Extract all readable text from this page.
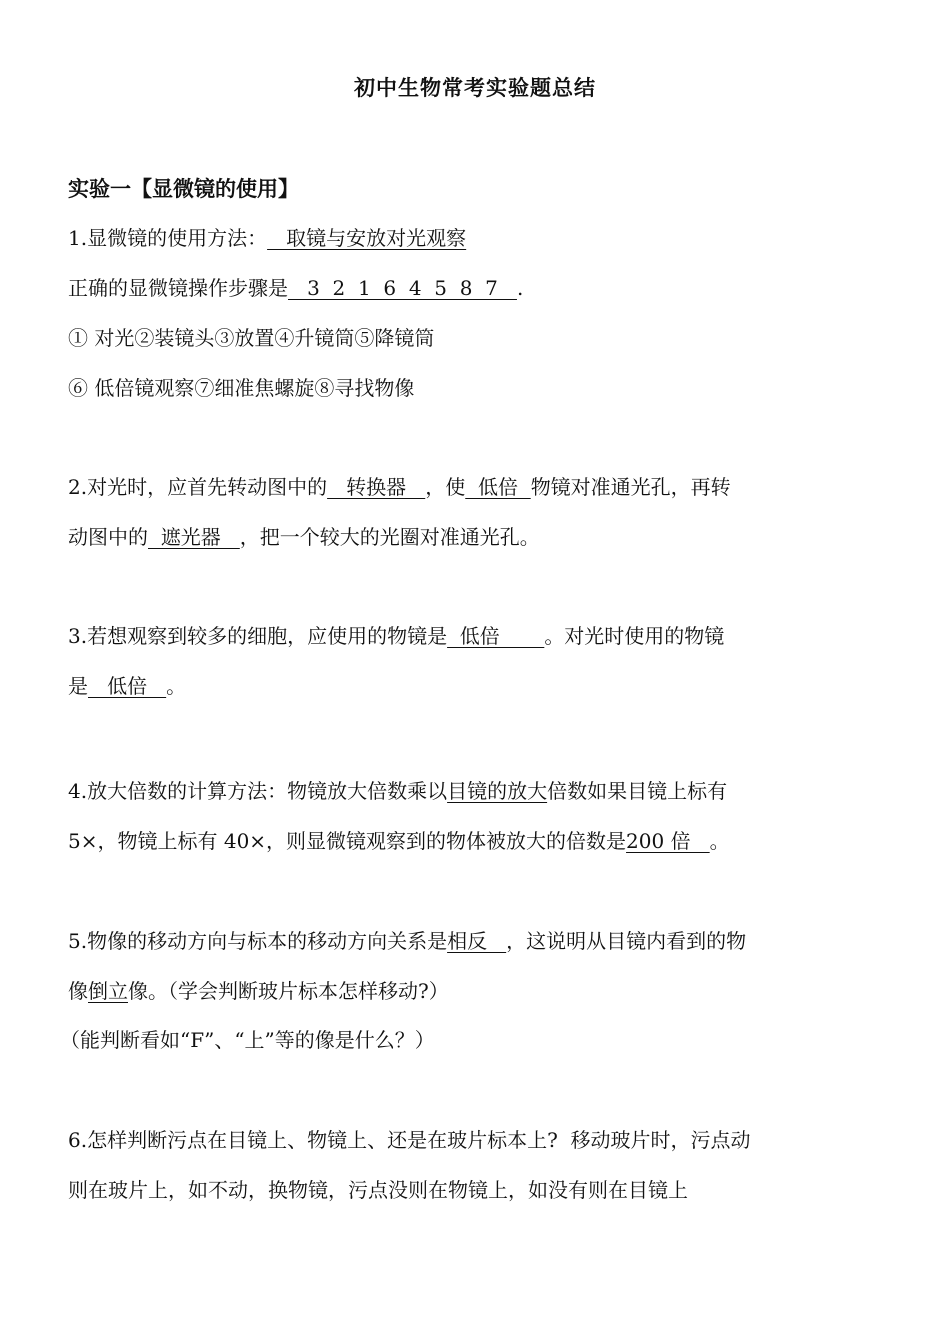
初中生物常考实验题总结
实验一【显微镜的使用】
1.显微镜的使用方法：   取镜与安放对光观察
正确的显微镜操作步骤是   3  2  1  6  4  5  8  7   .
① 对光②装镜头③放置④升镜筒⑤降镜筒
⑥ 低倍镜观察⑦细准焦螺旋⑧寻找物像
2.对光时，应首先转动图中的   转换器   ，使  低倍  物镜对准通光孔，再转
动图中的  遮光器   ，把一个较大的光圈对准通光孔。
3.若想观察到较多的细胞，应使用的物镜是  低倍       。对光时使用的物镜
是   低倍   。
4.放大倍数的计算方法：物镜放大倍数乘以目镜的放大倍数如果目镜上标有
5×，物镜上标有 40×，则显微镜观察到的物体被放大的倍数是200 倍   。
5.物像的移动方向与标本的移动方向关系是相反   ，这说明从目镜内看到的物
像倒立像。（学会判断玻片标本怎样移动?）
（能判断看如“F”、“上”等的像是什么？）
6.怎样判断污点在目镜上、物镜上、还是在玻片标本上?  移动玻片时，污点动
则在玻片上，如不动，换物镜，污点没则在物镜上，如没有则在目镜上
